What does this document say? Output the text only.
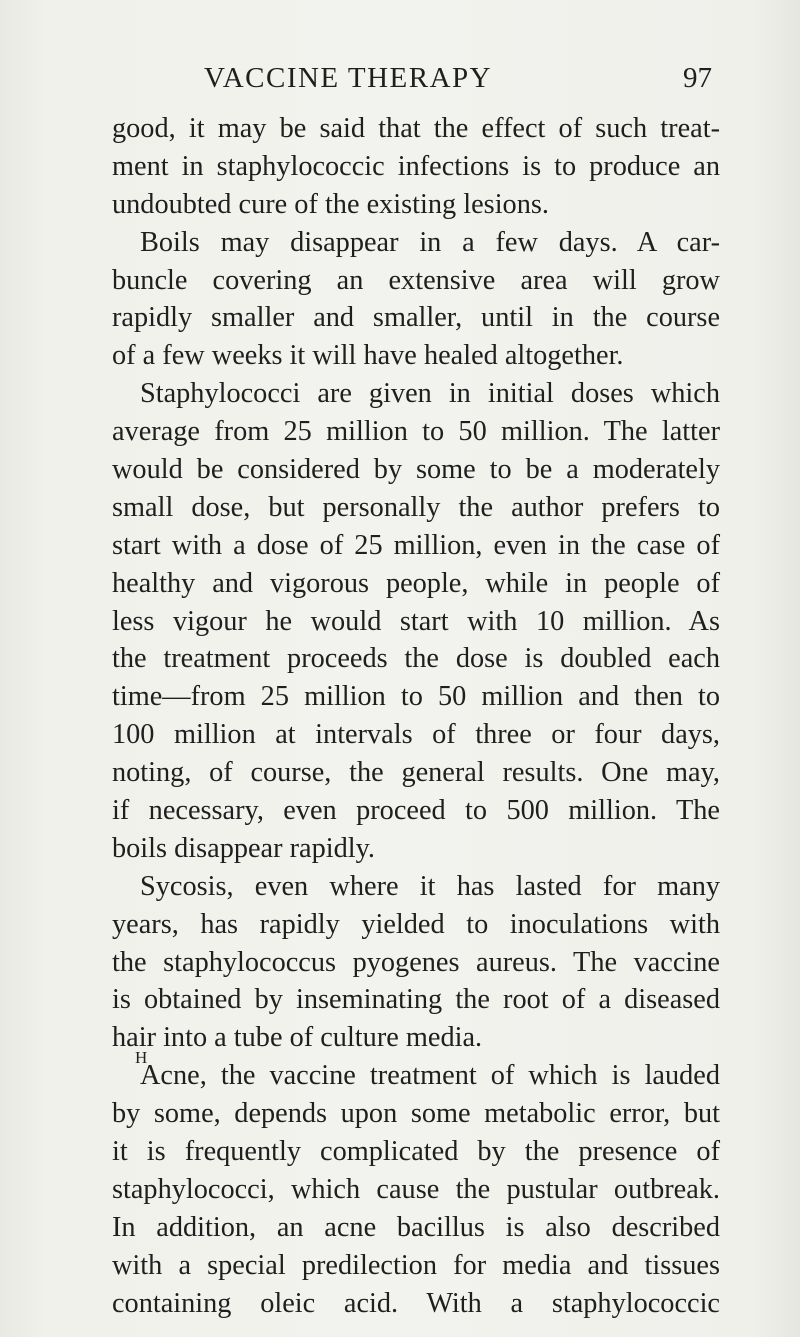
VACCINE THERAPY	97
good, it may be said that the effect of such treat-
ment in staphylococcic infections is to produce an
undoubted cure of the existing lesions.
Boils may disappear in a few days. A car-
buncle covering an extensive area will grow
rapidly smaller and smaller, until in the course
of a few weeks it will have healed altogether.
Staphylococci are given in initial doses which
average from 25 million to 50 million. The latter
would be considered by some to be a moderately
small dose, but personally the author prefers to
start with a dose of 25 million, even in the case of
healthy and vigorous people, while in people of
less vigour he would start with 10 million. As
the treatment proceeds the dose is doubled each
time—from 25 million to 50 million and then to
100 million at intervals of three or four days,
noting, of course, the general results. One may,
if necessary, even proceed to 500 million. The
boils disappear rapidly.
Sycosis, even where it has lasted for many
years, has rapidly yielded to inoculations with
the staphylococcus pyogenes aureus. The vaccine
is obtained by inseminating the root of a diseased
hair into a tube of culture media.
Acne, the vaccine treatment of which is lauded
by some, depends upon some metabolic error, but
it is frequently complicated by the presence of
staphylococci, which cause the pustular outbreak.
In addition, an acne bacillus is also described
with a special predilection for media and tissues
containing oleic acid. With a staphylococcic
H
